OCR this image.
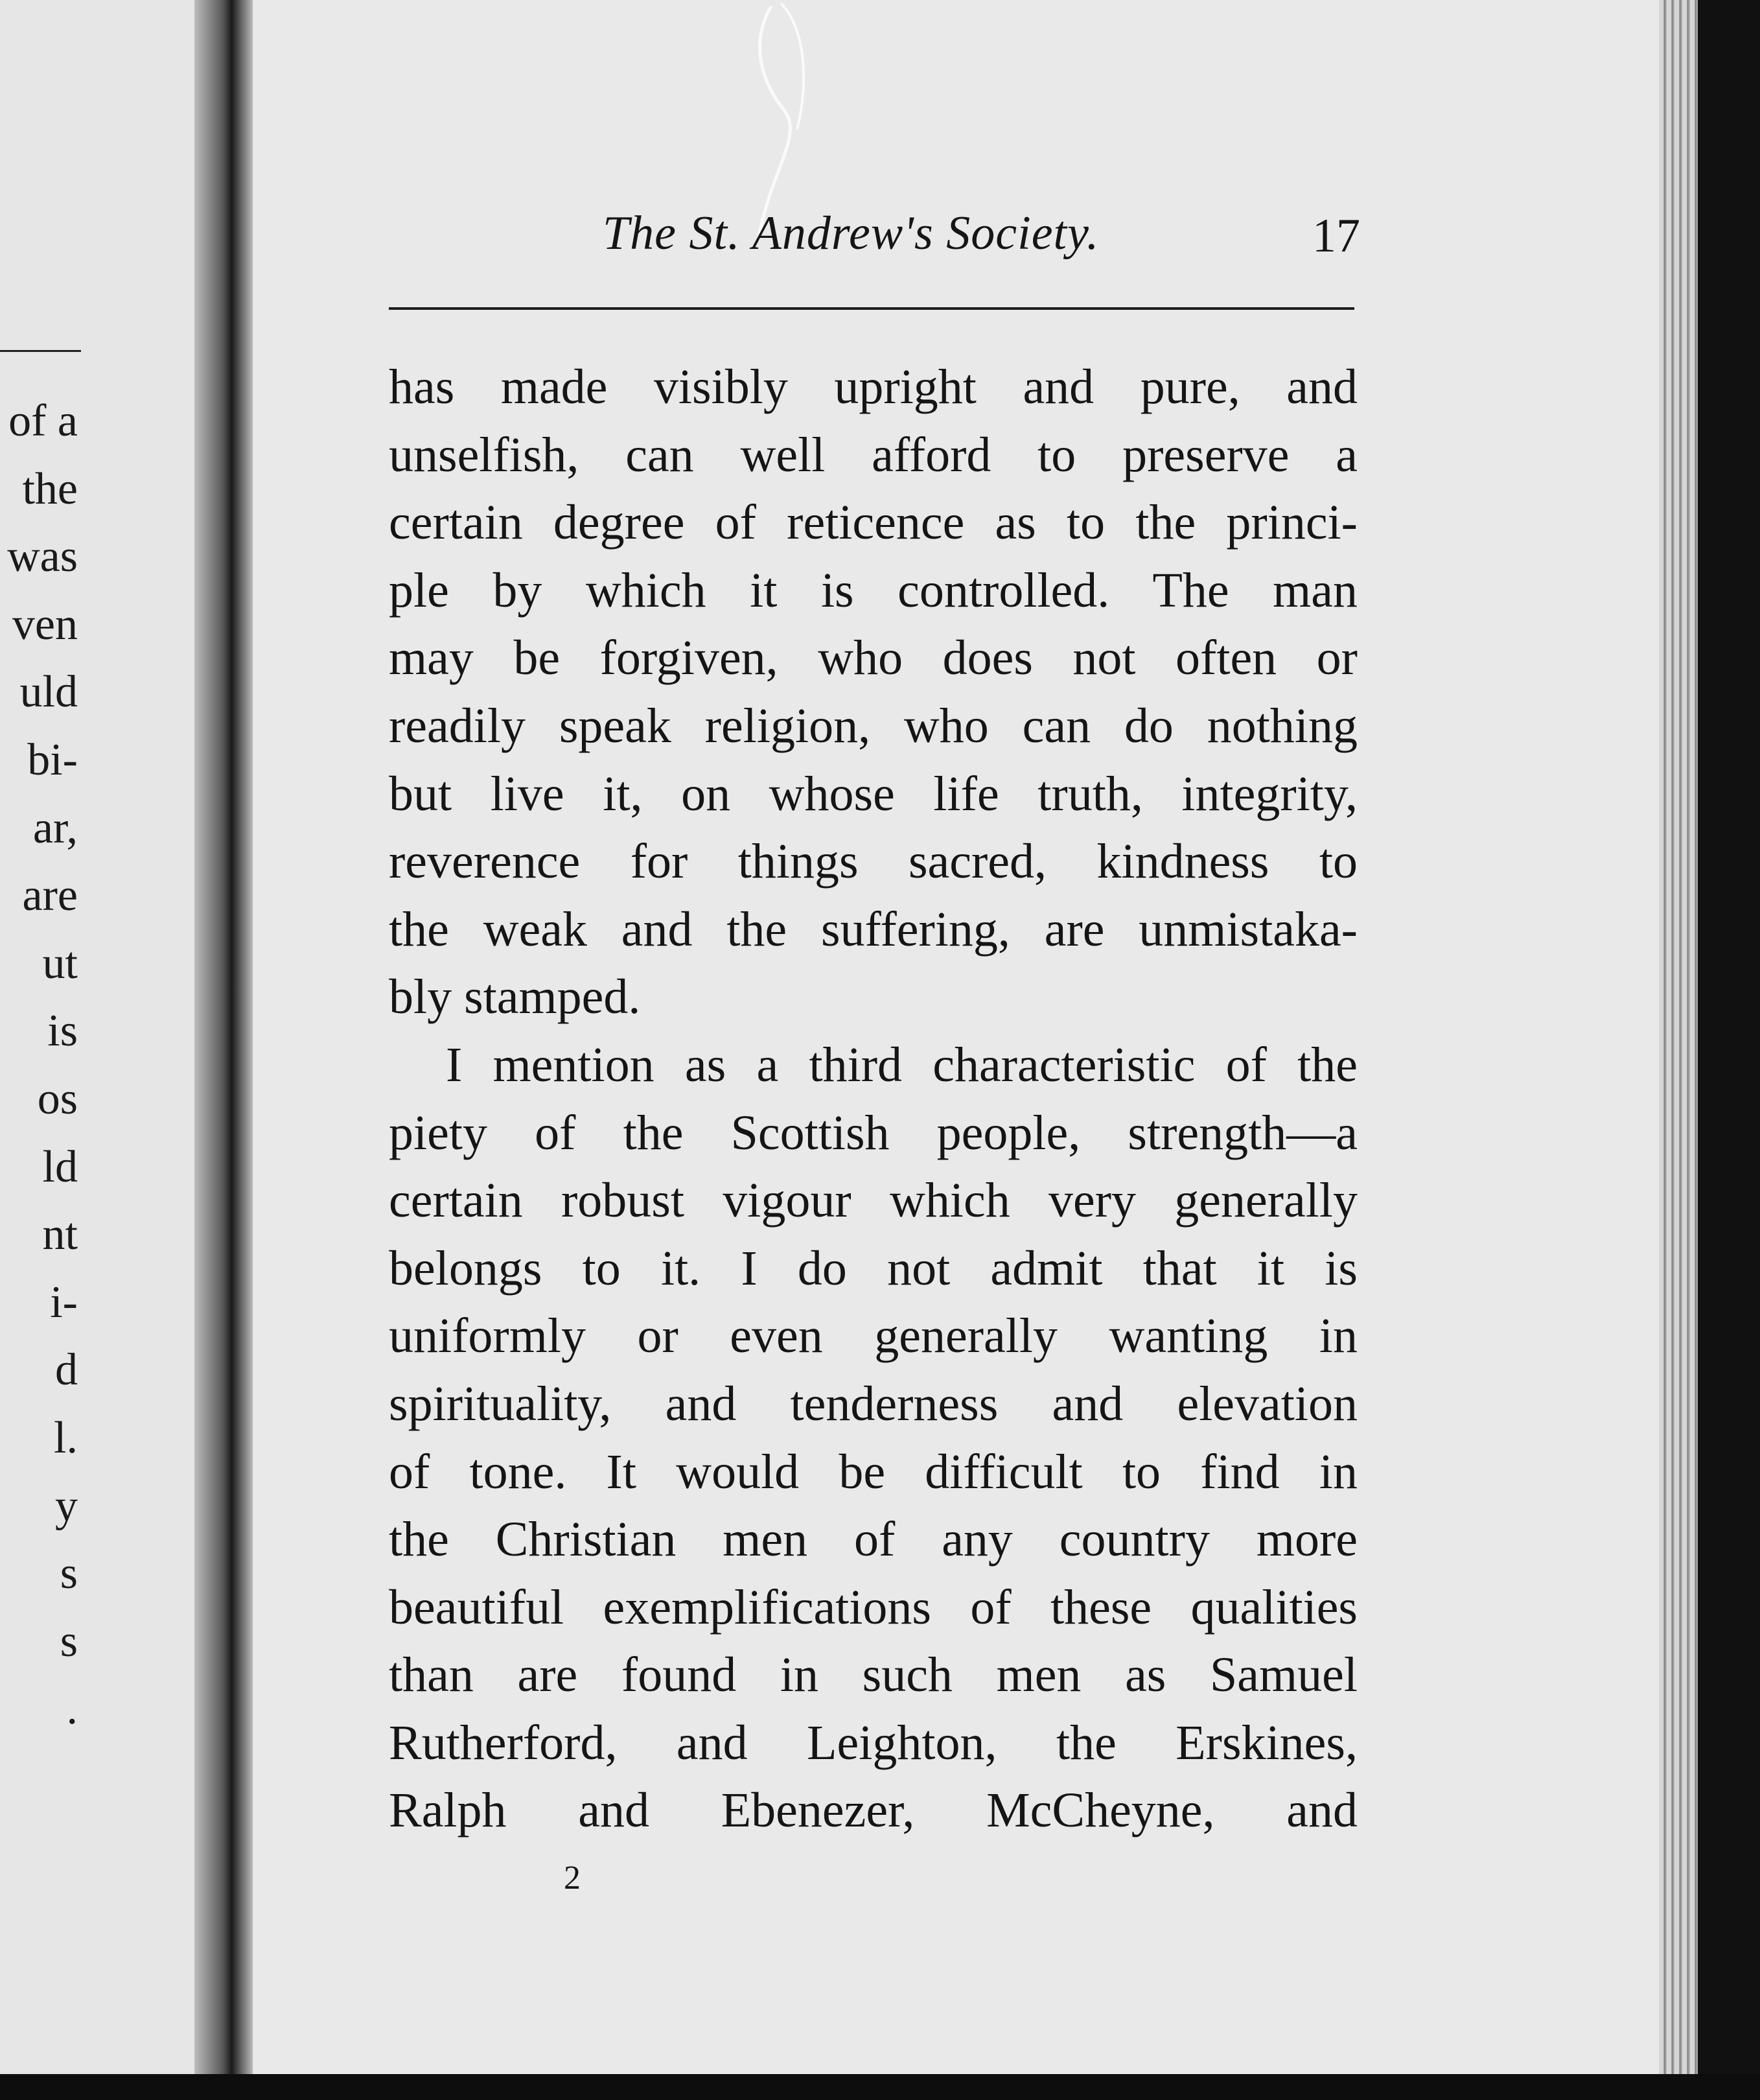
of a
the
was
ven
uld
bi-
ar,
are
ut
is
os
ld
nt
i-
d
l.
y
s
s
.
The St. Andrew's Society.	17
has made visibly upright and pure, and
unselfish, can well afford to preserve a
certain degree of reticence as to the princi-
ple by which it is controlled. The man
may be forgiven, who does not often or
readily speak religion, who can do nothing
but live it, on whose life truth, integrity,
reverence for things sacred, kindness to
the weak and the suffering, are unmistaka-
bly stamped.
I mention as a third characteristic of the
piety of the Scottish people, strength—a
certain robust vigour which very generally
belongs to it. I do not admit that it is
uniformly or even generally wanting in
spirituality, and tenderness and elevation
of tone. It would be difficult to find in
the Christian men of any country more
beautiful exemplifications of these qualities
than are found in such men as Samuel
Rutherford, and Leighton, the Erskines,
Ralph and Ebenezer, McCheyne, and
2
